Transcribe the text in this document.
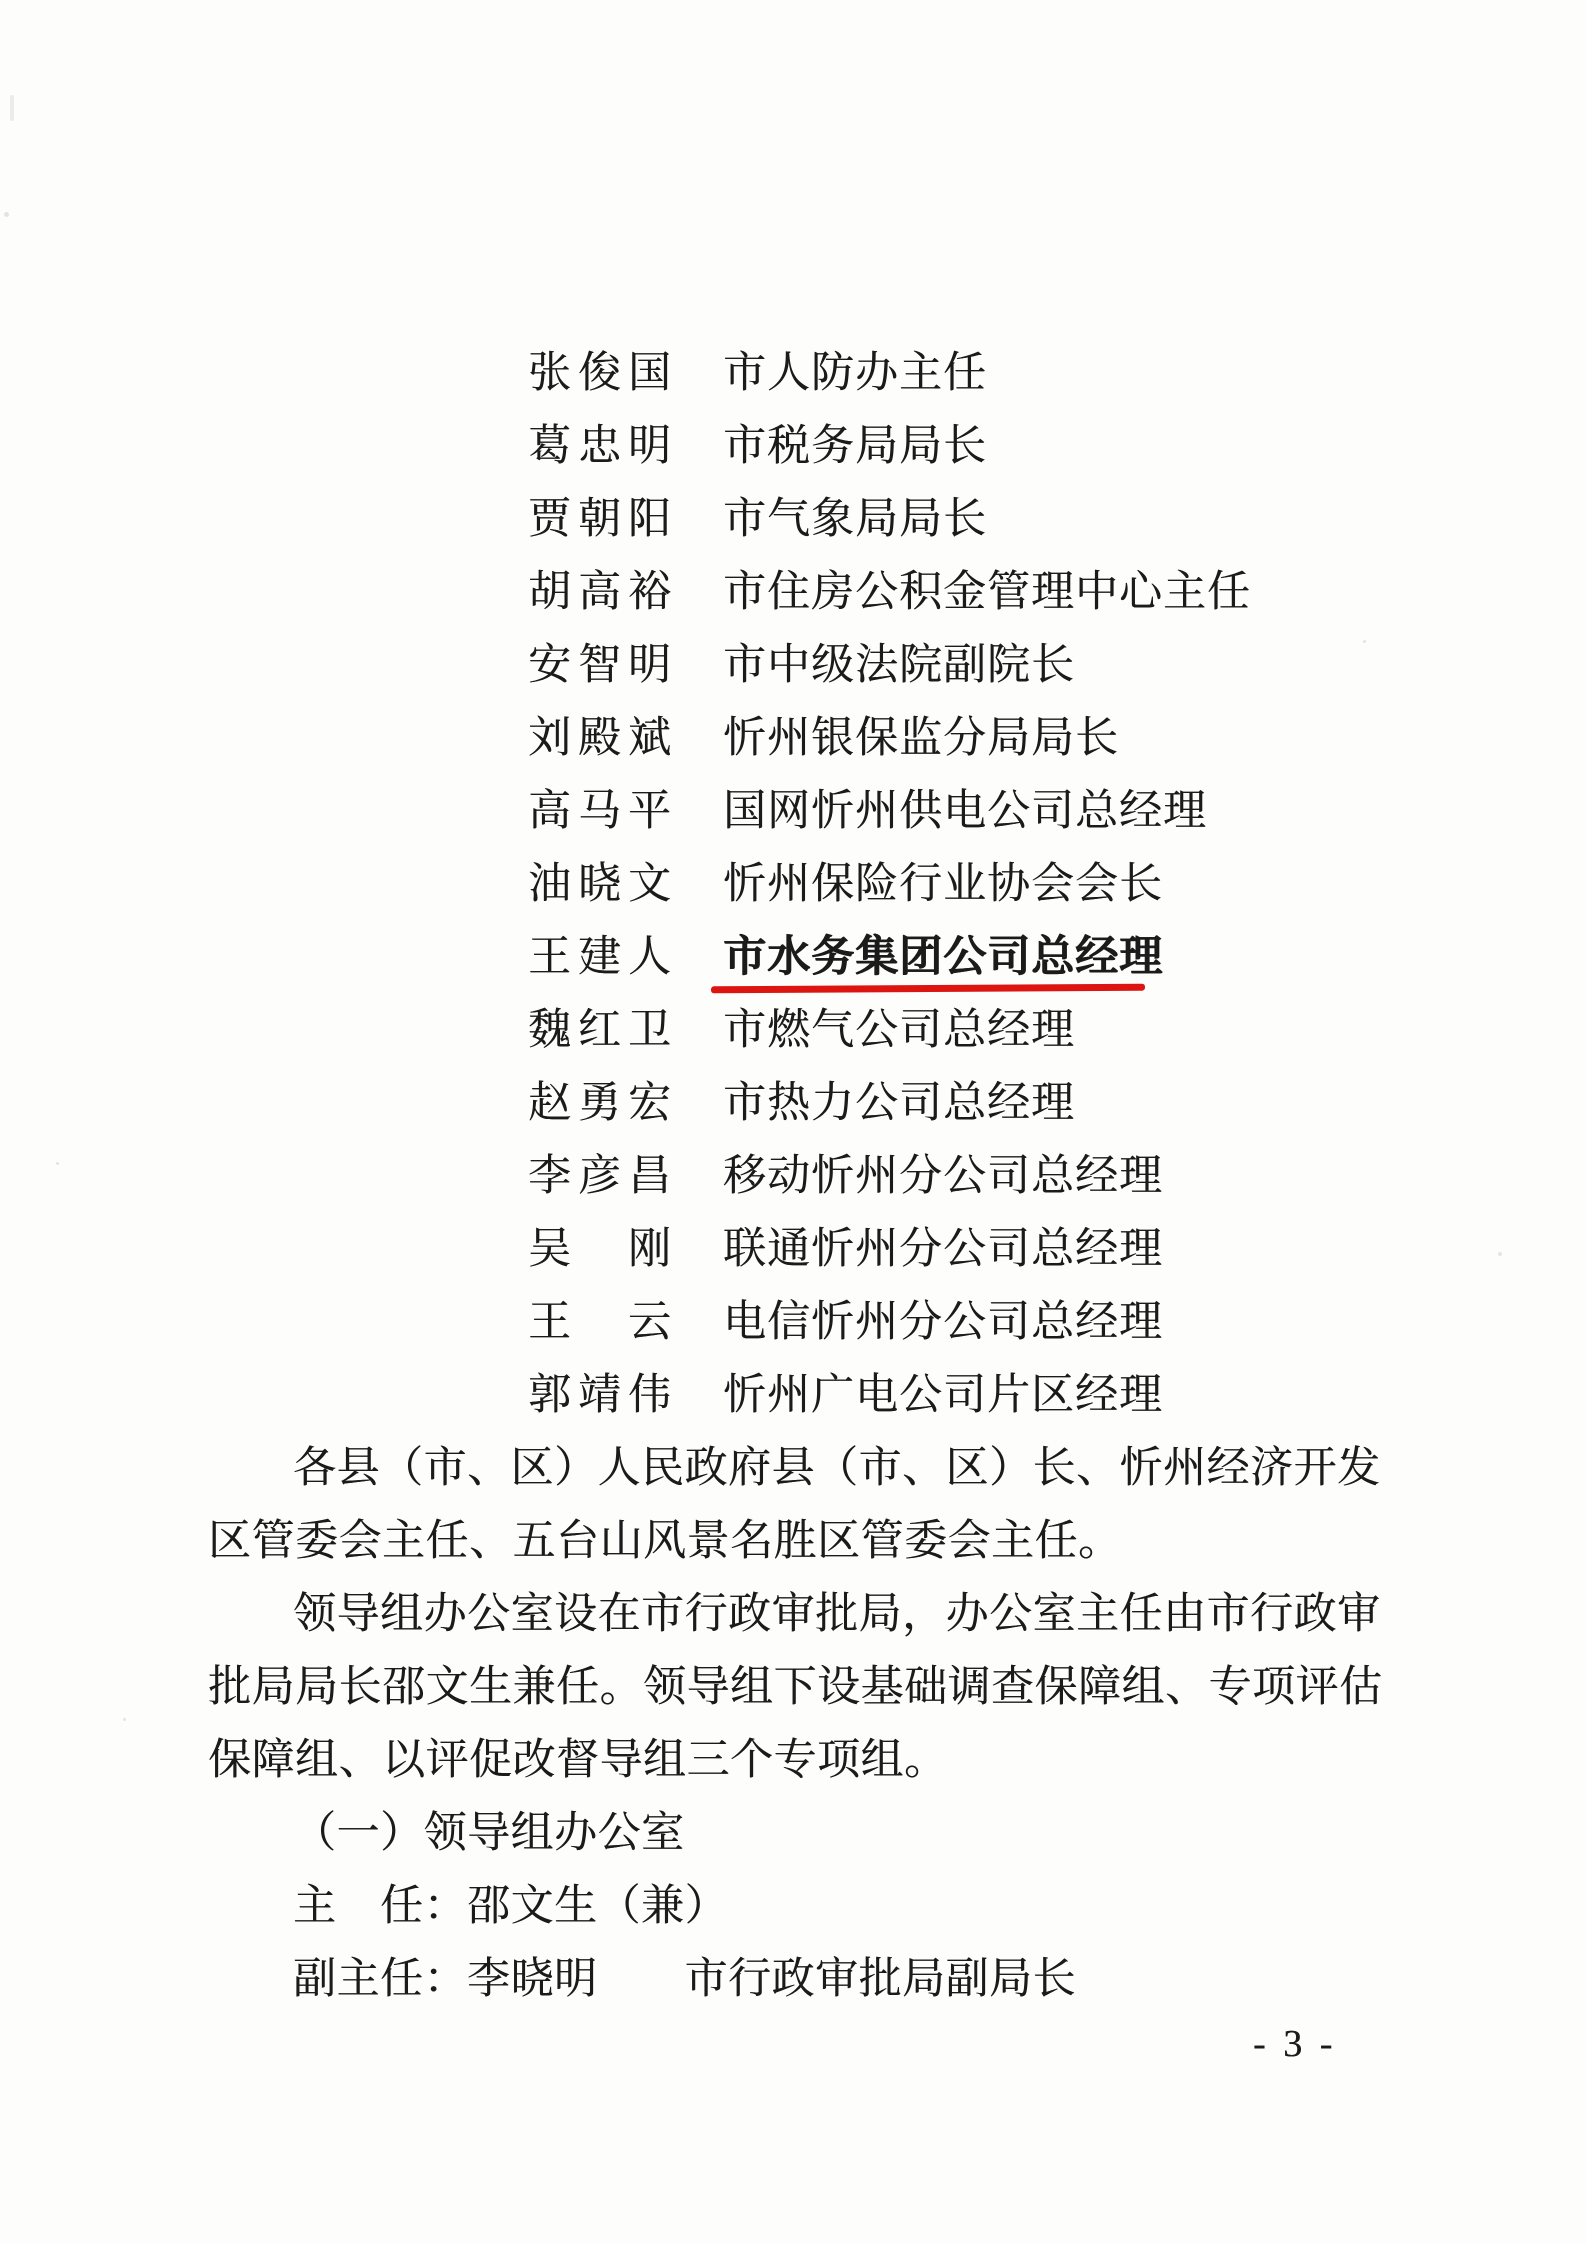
张俊国 市人防办主任
葛忠明 市税务局局长
贾朝阳 市气象局局长
胡高裕 市住房公积金管理中心主任
安智明 市中级法院副院长
刘殿斌 忻州银保监分局局长
高马平 国网忻州供电公司总经理
油晓文 忻州保险行业协会会长
王建人 市水务集团公司总经理
魏红卫 市燃气公司总经理
赵勇宏 市热力公司总经理
李彦昌 移动忻州分公司总经理
吴　刚 联通忻州分公司总经理
王　云 电信忻州分公司总经理
郭靖伟 忻州广电公司片区经理
各县（市、区）人民政府县（市、区）长、忻州经济开发
区管委会主任、五台山风景名胜区管委会主任。
领导组办公室设在市行政审批局，办公室主任由市行政审
批局局长邵文生兼任。领导组下设基础调查保障组、专项评估
保障组、以评促改督导组三个专项组。
（一）领导组办公室
主　任：邵文生（兼）
副主任：李晓明　　市行政审批局副局长
- 3 -
